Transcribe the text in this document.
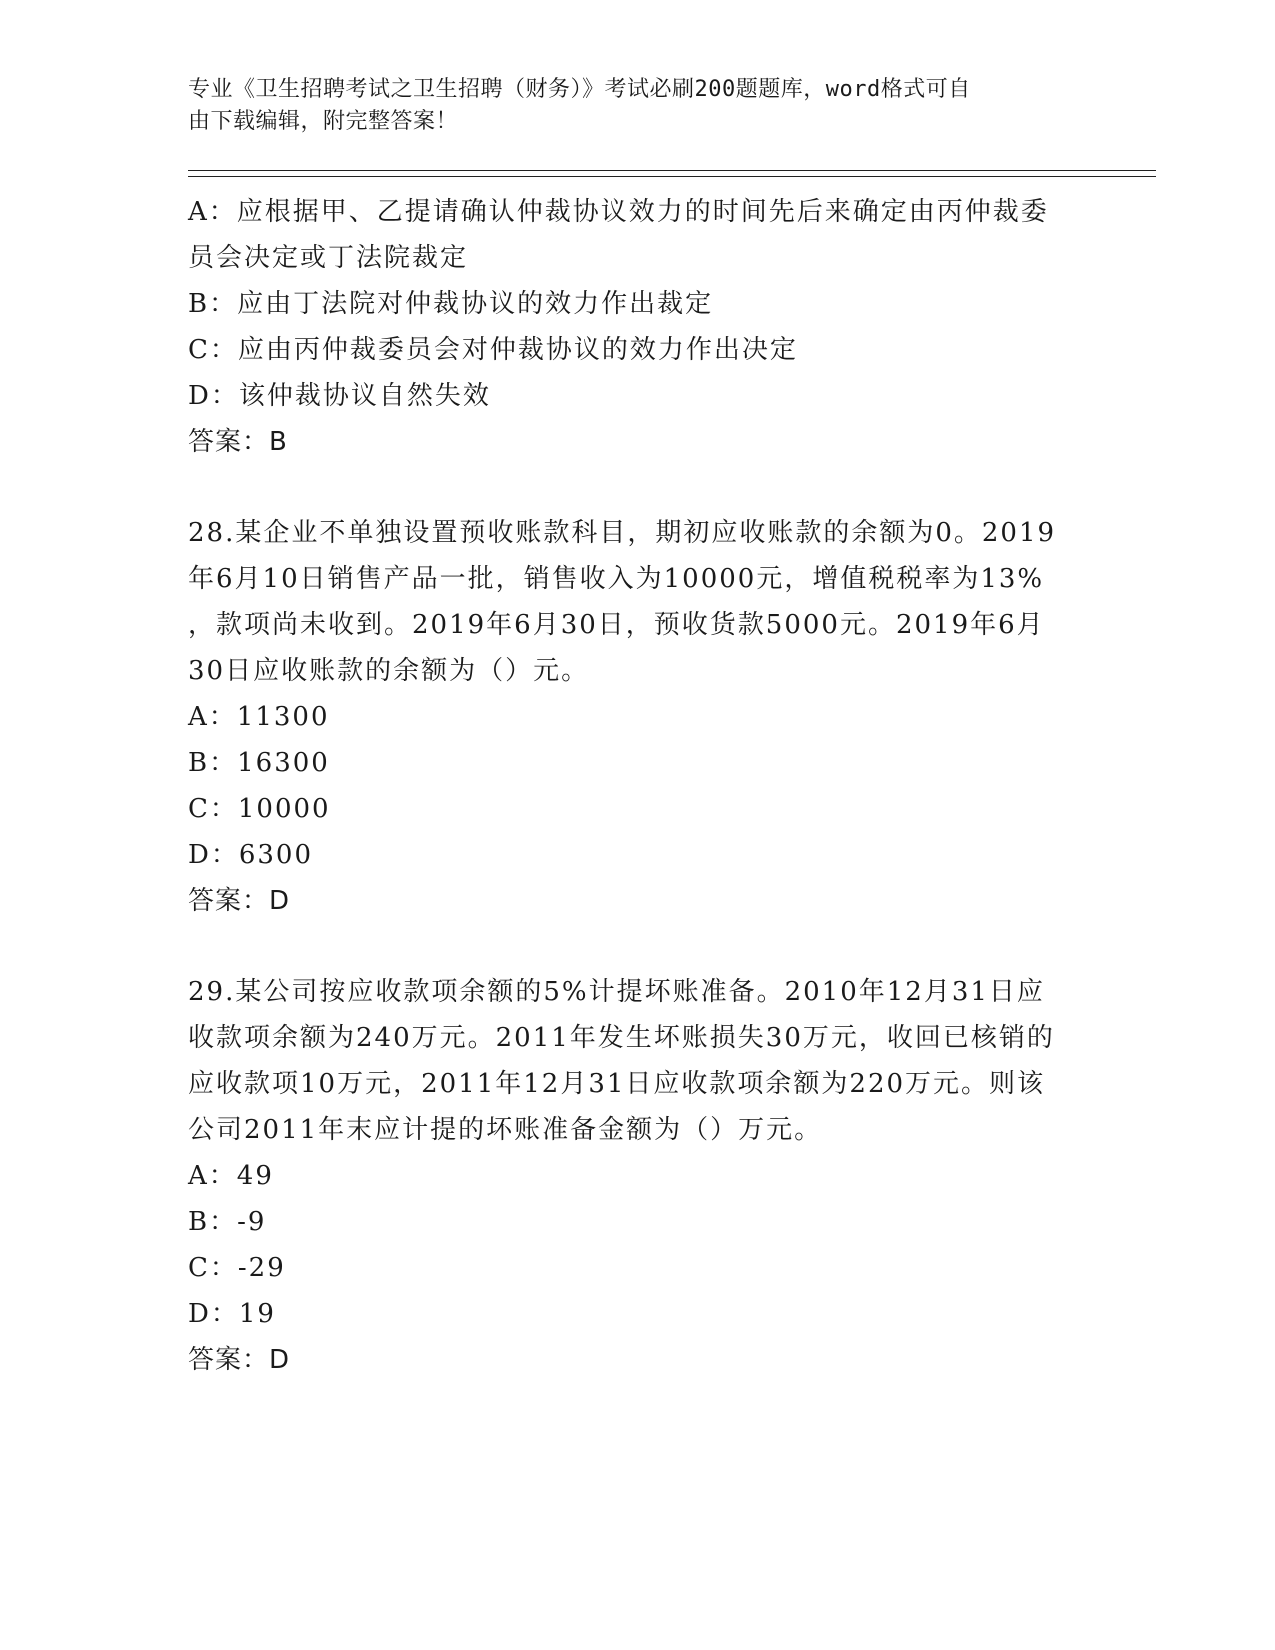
专业《卫生招聘考试之卫生招聘（财务）》考试必刷200题题库，word格式可自
由下载编辑，附完整答案！
A：应根据甲、乙提请确认仲裁协议效力的时间先后来确定由丙仲裁委
员会决定或丁法院裁定
B：应由丁法院对仲裁协议的效力作出裁定
C：应由丙仲裁委员会对仲裁协议的效力作出决定
D：该仲裁协议自然失效
答案：B
28.某企业不单独设置预收账款科目，期初应收账款的余额为0。2019
年6月10日销售产品一批，销售收入为10000元，增值税税率为13%
，款项尚未收到。2019年6月30日，预收货款5000元。2019年6月
30日应收账款的余额为（）元。
A：11300
B：16300
C：10000
D：6300
答案：D
29.某公司按应收款项余额的5%计提坏账准备。2010年12月31日应
收款项余额为240万元。2011年发生坏账损失30万元，收回已核销的
应收款项10万元，2011年12月31日应收款项余额为220万元。则该
公司2011年末应计提的坏账准备金额为（）万元。
A：49
B：-9
C：-29
D：19
答案：D
